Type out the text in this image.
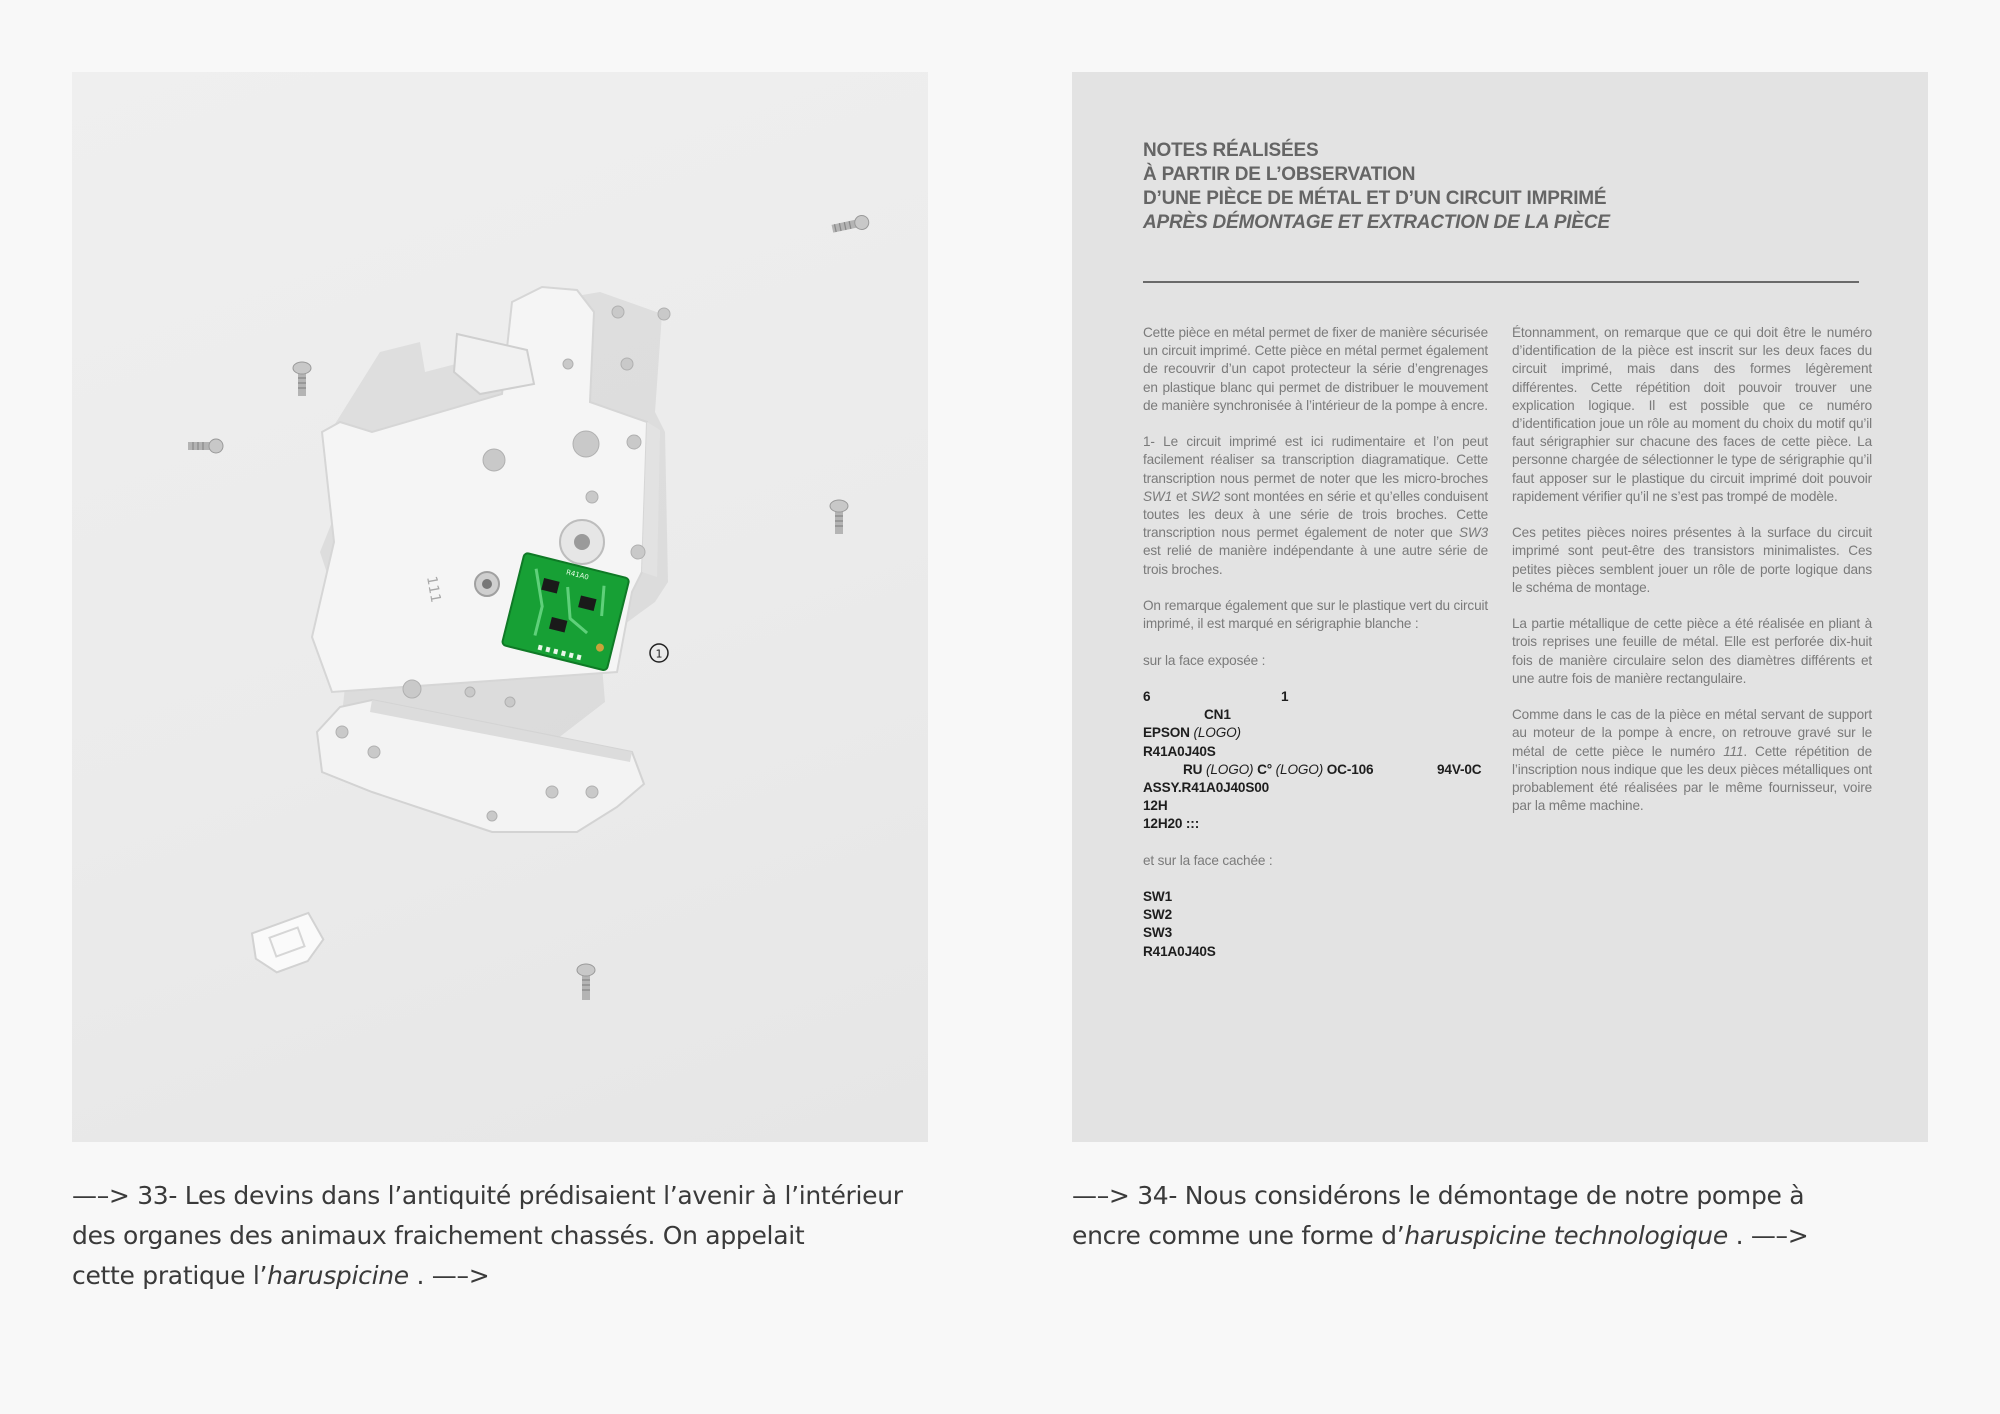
111	R41A0
1
NOTES RÉALISÉES
À PARTIR DE L’OBSERVATION
D’UNE PIÈCE DE MÉTAL ET D’UN CIRCUIT IMPRIMÉ
APRÈS DÉMONTAGE ET EXTRACTION DE LA PIÈCE

Cette pièce en métal permet de fixer de manière sécurisée un circuit imprimé. Cette pièce en métal permet également de recouvrir d’un capot protecteur la série d’engrenages en plastique blanc qui permet de distribuer le mouvement de manière synchronisée à l’intérieur de la pompe à encre.

1- Le circuit imprimé est ici rudimentaire et l’on peut facilement réaliser sa transcription diagramatique. Cette transcription nous permet de noter que les micro-broches SW1 et SW2 sont montées en série et qu’elles conduisent toutes les deux à une série de trois broches. Cette transcription nous permet également de noter que SW3 est relié de manière indépendante à une autre série de trois broches.

On remarque également que sur le plastique vert du circuit imprimé, il est marqué en sérigraphie blanche :

sur la face exposée :

6	1
CN1
EPSON (LOGO)
R41A0J40S
RU (LOGO) C° (LOGO) OC-106	94V-0C
ASSY.R41A0J40S00
12H
12H20 :::

et sur la face cachée :

SW1
SW2
SW3
R41A0J40S

Étonnamment, on remarque que ce qui doit être le numéro d’identification de la pièce est inscrit sur les deux faces du circuit imprimé, mais dans des formes légèrement différentes. Cette répétition doit pouvoir trouver une explication logique. Il est possible que ce numéro d’identification joue un rôle au moment du choix du motif qu’il faut sérigraphier sur chacune des faces de cette pièce. La personne chargée de sélectionner le type de sérigraphie qu’il faut apposer sur le plastique du circuit imprimé doit pouvoir rapidement vérifier qu’il ne s’est pas trompé de modèle.

Ces petites pièces noires présentes à la surface du circuit imprimé sont peut-être des transistors minimalistes. Ces petites pièces semblent jouer un rôle de porte logique dans le schéma de montage.

La partie métallique de cette pièce a été réalisée en pliant à trois reprises une feuille de métal. Elle est perforée dix-huit fois de manière circulaire selon des diamètres différents et une autre fois de manière rectangulaire.

Comme dans le cas de la pièce en métal servant de support au moteur de la pompe à encre, on retrouve gravé sur le métal de cette pièce le numéro 111. Cette répétition de l’inscription nous indique que les deux pièces métalliques ont probablement été réalisées par le même fournisseur, voire par la même machine.

—–> 33- Les devins dans l’antiquité prédisaient l’avenir à l’intérieur
des organes des animaux fraichement chassés. On appelait
cette pratique l’haruspicine . —–>
—–> 34- Nous considérons le démontage de notre pompe à
encre comme une forme d’haruspicine technologique . —–>
